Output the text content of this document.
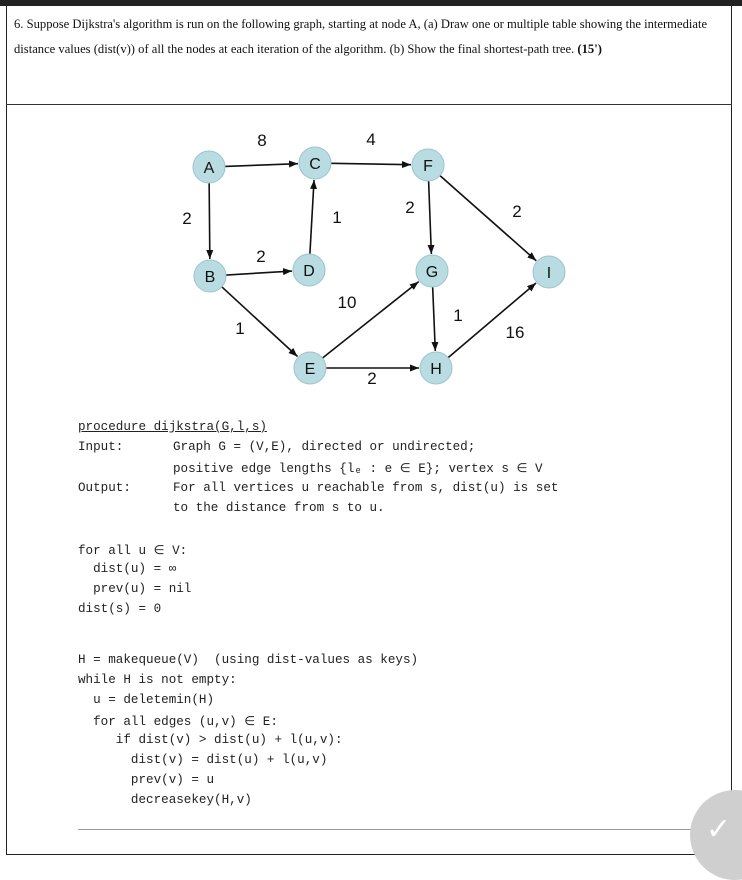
6. Suppose Dijkstra's algorithm is run on the following graph, starting at node A, (a) Draw one or multiple table showing the intermediate distance values (dist(v)) of all the nodes at each iteration of the algorithm. (b) Show the final shortest-path tree. (15')

8	4
2	1
2	2
2
1
10
1
16
2
A
B
C
D
E
F
G
H
I
procedure dijkstra(G,l,s)
Input:	Graph G = (V,E), directed or undirected;
positive edge lengths {lₑ : e ∈ E}; vertex s ∈ V
Output:	For all vertices u reachable from s, dist(u) is set
to the distance from s to u.
for all u ∈ V:
dist(u) = ∞
prev(u) = nil
dist(s) = 0
H = makequeue(V)  (using dist-values as keys)
while H is not empty:
u = deletemin(H)
for all edges (u,v) ∈ E:
if dist(v) > dist(u) + l(u,v):
dist(v) = dist(u) + l(u,v)
prev(v) = u
decreasekey(H,v)
✓
